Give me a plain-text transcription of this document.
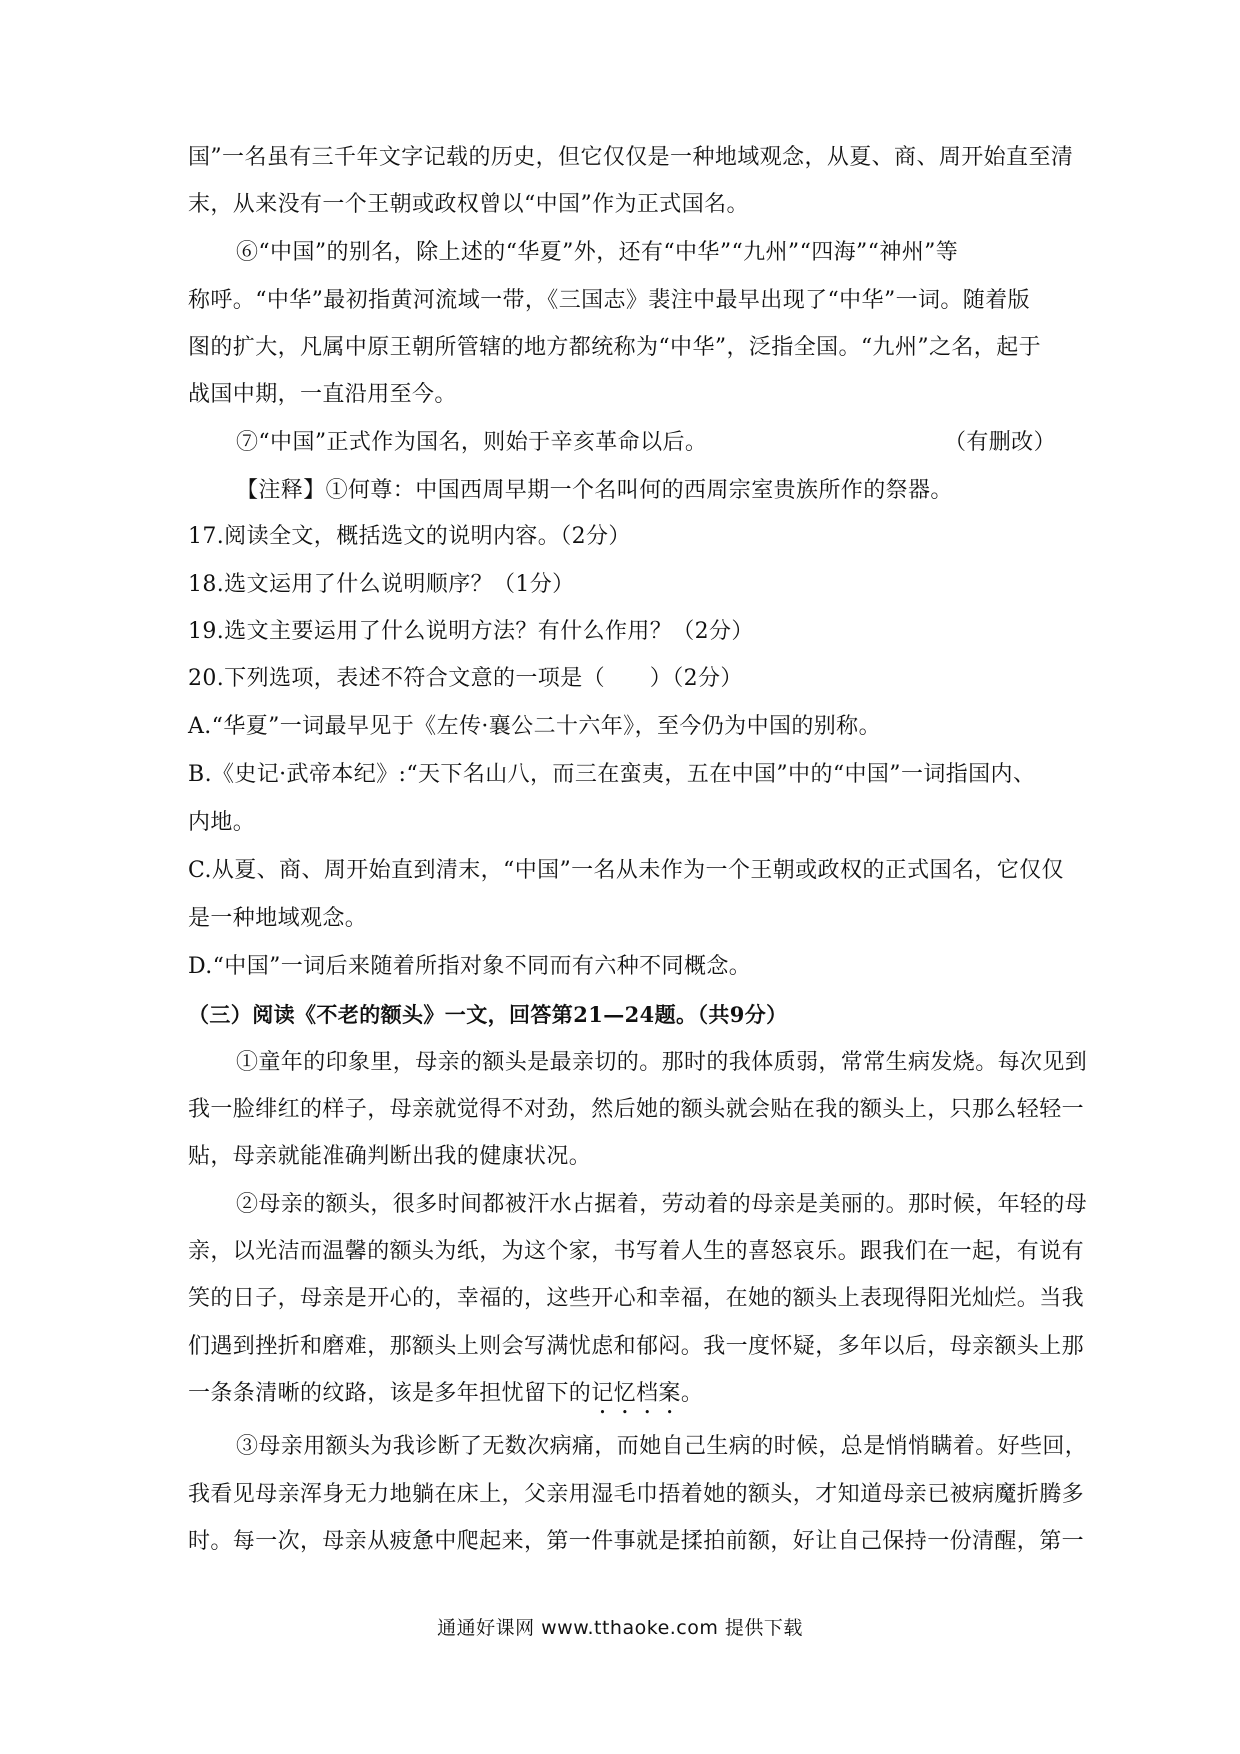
国”一名虽有三千年文字记载的历史，但它仅仅是一种地域观念，从夏、商、周开始直至清
末，从来没有一个王朝或政权曾以“中国”作为正式国名。
⑥“中国”的别名，除上述的“华夏”外，还有“中华”“九州”“四海”“神州”等
称呼。“中华”最初指黄河流域一带，《三国志》裴注中最早出现了“中华”一词。随着版
图的扩大，凡属中原王朝所管辖的地方都统称为“中华”，泛指全国。“九州”之名，起于
战国中期，一直沿用至今。
⑦“中国”正式作为国名，则始于辛亥革命以后。	（有删改）
【注释】①何尊：中国西周早期一个名叫何的西周宗室贵族所作的祭器。
17.阅读全文，概括选文的说明内容。（2分）
18.选文运用了什么说明顺序？（1分）
19.选文主要运用了什么说明方法？有什么作用？（2分）
20.下列选项，表述不符合文意的一项是（　　）（2分）
A.“华夏”一词最早见于《左传·襄公二十六年》，至今仍为中国的别称。
B.《史记·武帝本纪》:“天下名山八，而三在蛮夷，五在中国”中的“中国”一词指国内、
内地。
C.从夏、商、周开始直到清末，“中国”一名从未作为一个王朝或政权的正式国名，它仅仅
是一种地域观念。
D.“中国”一词后来随着所指对象不同而有六种不同概念。
（三）阅读《不老的额头》一文，回答第21—24题。（共9分）
①童年的印象里，母亲的额头是最亲切的。那时的我体质弱，常常生病发烧。每次见到
我一脸绯红的样子，母亲就觉得不对劲，然后她的额头就会贴在我的额头上，只那么轻轻一
贴，母亲就能准确判断出我的健康状况。
②母亲的额头，很多时间都被汗水占据着，劳动着的母亲是美丽的。那时候，年轻的母
亲，以光洁而温馨的额头为纸，为这个家，书写着人生的喜怒哀乐。跟我们在一起，有说有
笑的日子，母亲是开心的，幸福的，这些开心和幸福，在她的额头上表现得阳光灿烂。当我
们遇到挫折和磨难，那额头上则会写满忧虑和郁闷。我一度怀疑，多年以后，母亲额头上那
一条条清晰的纹路，该是多年担忧留下的记忆档案。
③母亲用额头为我诊断了无数次病痛，而她自己生病的时候，总是悄悄瞒着。好些回，
我看见母亲浑身无力地躺在床上，父亲用湿毛巾捂着她的额头，才知道母亲已被病魔折腾多
时。每一次，母亲从疲惫中爬起来，第一件事就是揉拍前额，好让自己保持一份清醒，第一
通通好课网 www.tthaoke.com 提供下载
